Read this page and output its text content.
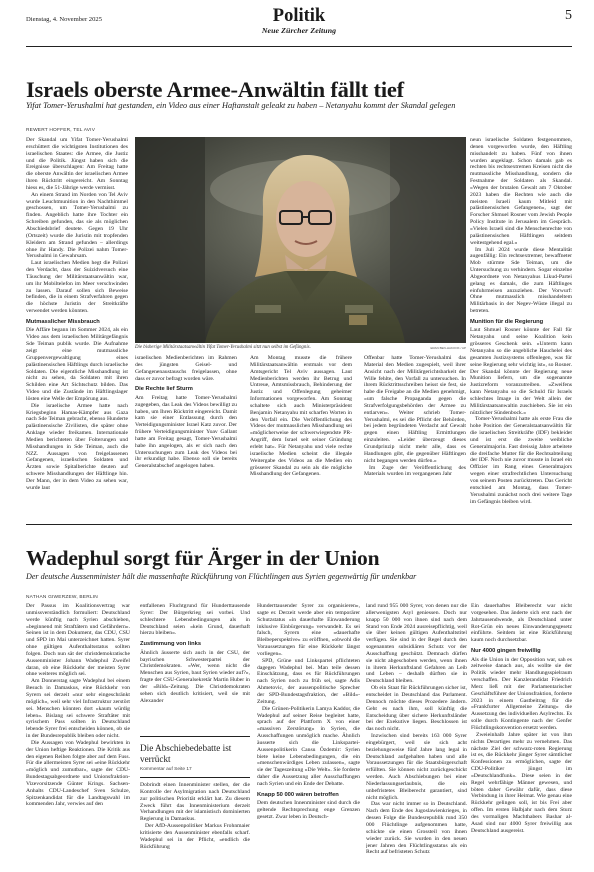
Dienstag, 4. November 2025	Politik
Neue Zürcher Zeitung
5
Israels oberste Armee-Anwältin fällt tief
Yifat Tomer-Yerushalmi hat gestanden, ein Video aus einer Haftanstalt geleakt zu haben – Netanyahu kommt der Skandal gelegen
REWERT HOFFER, TEL AVIV

Der Skandal um Yifat Tomer-Yerushalmi erschüttert die wichtigsten Institutionen des israelischen Staates: die Armee, die Justiz und die Politik. Jüngst haben sich die Ereignisse überschlagen: Am Freitag hatte die oberste Anwältin der israelischen Armee ihren Rücktritt eingereicht. Am Sonntag hiess es, die 51-Jährige werde vermisst.

An einem Strand im Norden von Tel Aviv wurde Leuchtmunition in den Nachthimmel geschossen, um Tomer-Yerushalmi zu finden. Angeblich hatte ihre Tochter ein Schreiben gefunden, das sie als möglichen Abschiedsbrief deutete. Gegen 19 Uhr (Ortszeit) wurde die Juristin mit tropfenden Kleidern am Strand gefunden – allerdings ohne ihr Handy. Die Polizei nahm Tomer-Yerushalmi in Gewahrsam.

Laut israelischen Medien hegt die Polizei den Verdacht, dass der Suizidversuch eine Täuschung der Militärstaatsanwältin war, um ihr Mobiltelefon im Meer verschwinden zu lassen. Darauf sollen sich Beweise befinden, die in einem Strafverfahren gegen die höchste Juristin der Streitkräfte verwendet werden könnten.

Mutmasslicher Missbrauch

Die Affäre begann im Sommer 2024, als ein Video aus dem israelischen Militärgefängnis Sde Teiman publik wurde. Die Aufnahme zeigt eine mutmassliche Gruppenvergewaltigung eines palästinensischen Häftlings durch israelische Soldaten. Die eigentliche Misshandlung ist nicht zu sehen, da Soldaten mit ihren Schilden eine Art Sichtschutz bilden. Das Video und die Zustände im Häftlingslager lösten eine Welle der Empörung aus.

Die israelische Armee hatte nach Kriegsbeginn Hamas-Kämpfer aus Gaza nach Sde Teiman gebracht, ebenso Hunderte palästinensische Zivilisten, die später ohne Anklage wieder freikamen. Internationale Medien berichteten über Folterungen und Misshandlungen in Sde Teiman, auch die NZZ. Aussagen von freigelassenen Gefangenen, israelischen Soldaten und Ärzten sowie Spitalberichte deuten auf schwere Misshandlungen der Häftlinge hin. Der Mann, der in dem Video zu sehen war, wurde laut

Die bisherige Militärstaatsanwältin Yifat Tomer-Yerushalmi sitzt nun selbst im Gefängnis.	ERAN BEN-HAKOOK / AP

israelischen Medienberichten im Rahmen des jüngsten Geisel- und Gefangenenaustauschs freigelassen, ohne dass er zuvor befragt worden wäre.

Die Rechte lief Sturm

Am Freitag hatte Tomer-Yerushalmi zugegeben, das Leak des Videos bewilligt zu haben, um Ihren Rücktritt eingereicht. Damit kam sie einer Entlassung durch den Verteidigungsminister Israel Katz zuvor. Der frühere Verteidigungsminister Yoav Gallant hatte am Freitag gesagt, Tomer-Yerushalmi habe ihn angelogen, als er sich nach den Untersuchungen zum Leak des Videos bei ihr erkundigt habe. Ebenso soll sie bereits Generalstabschef angelogen haben.

Am Montag musste die frühere Militärstaatsanwältin erstmals vor dem Amtsgericht Tel Aviv aussagen. Laut Medienberichten werden ihr Betrug und Untreue, Amtsmissbrauch, Behinderung der Justiz und Offenlegung geheimer Informationen vorgeworfen. Am Sonntag schaltete sich auch Ministerpräsident Benjamin Netanyahu mit scharfen Worten in den Vorfall ein. Die Veröffentlichung des Videos der mutmasslichen Misshandlung sei «möglicherweise der schwerwiegendste PR-Angriff, dem Israel seit seiner Gründung erlebt hat». Für Netanyahu und viele rechte israelische Medien scheint die illegale Weitergabe des Videos an die Medien ein grösserer Skandal zu sein als die mögliche Misshandlung der Gefangenen.

Offenbar hatte Tomer-Yerushalmi das Material den Medien zugespielt, weil ihrer Ansicht nach der Militärgerichtsbarkeit der Wille fehlte, den Vorfall zu untersuchen. In ihrem Rücktrittsschreiben heisst sie fest, sie habe die Freigabe an die Medien genehmigt, «um falsche Propaganda gegen die Strafverfolgungsbehörden der Armee zu entlarven». Weiter schrieb Tomer-Yerushalmi, es sei die Pflicht der Behörden, bei jedem begründeten Verdacht auf Gewalt gegen einen Häftling Ermittlungen einzuleiten. «Leider überzeugt dieses Grundprinzip nicht mehr alle, dass es Handlungen gibt, die gegenüber Häftlingen nicht begangen werden dürfen.»

Im Zuge der Veröffentlichung des Materials wurden im vergangenen Jahr

neun israelische Soldaten festgenommen, denen vorgeworfen wurde, den Häftling misshandelt zu haben. Fünf von ihnen wurden angeklagt. Schon damals gab es rechten bis rechtsextremen Kreisen nicht die mutmassliche Misshandlung, sondern die Festnahme der Soldaten als Skandal. «Wegen der brutalen Gewalt am 7 Oktober 2023 haben die Rechten wie auch die meisten Israeli kaum Mitleid mit palästinensischen Gefangenen», sagt der Forscher Shmuel Rosner vom Jewish People Policy Institute in Jerusalem im Gespräch. «Vielen Israeli sind die Menschenrechte von palästinensischen Häftlingen seitdem weitestgehend egal.»

Im Juli 2024 wurde diese Mentalität augenfällig: Ein rechtsextremer, bewaffneter Mob stürmte Sde Teiman, um die Untersuchung zu verhindern. Sogar einzelne Abgeordnete von Netanyahus Likud-Partei gelang es damals, die zum Häftlinges einfuhrmeisen anzuziehen. Der Vorwurf: Ohne mutmasslich misshandeltem Militärbasis in der Negev-Wüste illegal zu betreten.

Munition für die Regierung

Laut Shmuel Rosner könnte der Fall für Netanyahu und seine Koalition kein grösseres Geschenk sein. «Unterm kann Netanyahu so die angebliche Hauchelei des gesamten Justizsystems offenlegen, was für seine Regierung sehr wichtig ist», so Rosner. Der Skandal könnte der Regierung neue Munition liefern, um die sogenannte Justizreform voranzutreiben. «Zweifens kann Netanyahu so die Schuld für Israels schlechtes Image in der Welt allein der Militärstaatsanwaltin zuschieben. Sie ist ein nützlicher Sündenbock.»

Tomer-Yerushalmi hatte als erste Frau die hohe Position der Generalstaatsanwältin für die israelischen Streitkräfte (IDF) bekleidet und ist erst die zweite weibliche Generalmajorin. Fast dreissig Jahre arbeitete die dreifache Mutter für die Rechtsabteilung der IDF. Noch nie zuvor musste in Israel ein Offizier im Rang eines Generalmajors wegen einer strafrechtlichen Untersuchung von seinem Posten zurücktreten. Das Gericht entschied am Montag, dass Tomer-Yerushalmi zunächst noch drei weitere Tage im Gefängnis bleiben wird.

Wadephul sorgt für Ärger in der Union
Der deutsche Aussenminister hält die massenhafte Rückführung von Flüchtlingen aus Syrien gegenwärtig für undenkbar
NATHAN GIWERZEW, BERLIN

Der Passus im Koalitionsvertrag war unmissverständlich formuliert: Deutschland werde künftig nach Syrien abschieben, «beginnend mit Straftätern und Gefährdern». Seinen ist in dem Dokument, das CDU, CSU und SPD im Mai unterzeichnet hatten. Syrer ohne gültigen Aufenthaltsstatus sollten folgen. Doch nun sät der christdemokratische Aussenminister Johann Wadephul Zweifel daran, ob eine Rückkehr der meisten Syrer ohne weiteres möglich sei.

Am Donnerstag sagte Wadephul bei einem Besuch in Damaskus, eine Rückkehr von Syrern sei derzeit «nur sehr eingeschränkt möglich», weil sehr viel Infrastruktur zerstört sei. Menschen könnten dort «kaum würdig leben». Bislang sei schwere Straftäter mit syrischem Pass sollten in Deutschland lebende Syrer frei entscheiden können, ob sie in der Bundesrepublik bleiben oder nicht.

Die Aussagen von Wadephul bewirkten in der Union heftige Reaktionen. Die Kritik aus den eigenen Reihen folgte aber auf dem Fuss. Für die allermeisten Syrer sei «eine Rückkehr «möglich und zumutbar», sagte der CDU-Bundestagsabgeordnete und Unionsfraktion-Vizevorsitzende Günter Krings. Sachsen-Anhalts CDU-Landeschef Sven Schulze, Spitzenkandidat für die Landtagswahl im kommenden Jahr, verwies auf den

entfallenen Fluchtgrund für Hunderttausende Syrer: Der Bürgerkrieg sei vorbei. Und schlechtere Lebensbedingungen als in Deutschland seien «kein Grund, dauerhaft hierzu bleiben».

Zustimmung von links

Ähnlich äusserte sich auch in der CSU, der bayrischen Schwesterpartei der Christdemokraten. «Wer, wenn nicht die Menschen aus Syrien, baut Syrien wieder auf?», fragte der CSU-Generalsekretär Martin Huber in der «Bild»-Zeitung. Die Christdemokraten sehen sich deutlich kritisiert, weil sie mit Alexander

Die Abschiebedebatte ist verrückt
Kommentar auf Seite 17

Dobrindt einen Innenminister stellen, der die Kontrolle der Asylmigration nach Deutschland zur politischen Priorität erklärt hat. Zu diesem Zweck führt das Innenministerium derzeit Verhandlungen mit der islamistisch dominierten Regierung in Damaskus.

Der AfD-Aussenpolitiker Markus Frohnmaier kritisierte den Aussenminister ebenfalls scharf. Wadephul sei in der Pflicht, «endlich die Rückführung

Hunderttausender Syrer zu organisieren», sagte er. Derzeit werde aber ein temporärer Schutzstatus «in dauerhafte Einwanderung inklusive Einbürgerung» verwandelt. Es sei falsch, Syrern eine «dauerhafte Bleibeperspektive» zu eröffnen, «obwohl die Voraussetzungen für eine Rückkehr längst vorliegen».

SPD, Grüne und Linkspartei pflichteten dagegen Wadephul bei. Man teile dessen Einschätzung, dass es für Rückführungen nach Syrien noch zu früh sei, sagte Adis Ahmetovic, der aussenpolitische Sprecher der SPD-Bundestagsfraktion, der «Bild»-Zeitung.

Die Grünen-Politikerin Lamya Kaddor, die Wadephul auf seiner Reise begleitet hatte, sprach auf der Plattform X von einer «massiven Zerstörung» in Syrien, die Ausschaffungen unmöglich mache. Ähnlich äusserte sich die Linkspartei-Aussenpolitikerin Cansu Özdemir: Syrien biete keine Lebensbedingungen, die ein «menschenwürdiges Leben zulassen», sagte sie der Tageszeitung «Die Welt». Sie forderte daher die Aussetzung aller Ausschaffungen nach Syrien und ein Ende der Debatte.

Knapp 50 000 wären betroffen

Dem deutschen Innenminister sind durch die geltende Rechtsprechung enge Grenzen gesetzt. Zwar leben in Deutsch-

land rund 955 000 Syrer, von denen nur die allerwenigsten Asyl geniessen. Doch nur knapp 50 000 von ihnen sind nach dem Stand von Ende 2024 ausreisepflichtig, weil sie über keinen gültigen Aufenthaltstitel verfügen. Sie sind in der Regel durch den sogenannten subsidiären Schutz vor der Ausschaffung geschützt. Demnach dürfen sie nicht abgeschoben werden, wenn ihnen in ihrem Herkunftsland Gefahren an Leib und Leben – deshalb dürften sie in Deutschland bleiben.

Ob ein Staat für Rückführungen sicher ist, entscheidet in Deutschland das Parlament. Dennoch möchte dieses Prozedere ändern. Geht es nach ihm, soll künftig die Entscheidung über sichere Herkunftsländer bei der Exekutive liegen. Beschlossen ist das noch nicht.

Inzwischen sind bereits 163 000 Syrer eingebürgert, weil sie sich acht beziehungsweise fünf Jahre lang legal in Deutschland aufgehalten haben und alle Voraussetzungen für die Staatsbürgerschaft erfüllten. Sie können nicht zurückgeschickt werden. Auch Abschiebungen bei einer Niederlassungserlaubnis, die ein unbefristetes Bleiberecht garantiert, sind nicht möglich.

Das war nicht immer so in Deutschland. Nach dem Ende des Jugoslawienkrieges, in dessen Folge die Bundesrepublik rund 350 000 Flüchtlinge aufgenommen hatte, schickte sie einen Grossteil von ihnen wieder zurück. Sie wurden in den neuen jener Jahren den Flüchtlingsstatus als ein Recht auf befristeten Schutz

Ein dauerhaftes Bleiberecht war nicht vorgesehen. Das änderte sich erst nach der Jahrtausendwende, als Deutschland unter Rot-Grün ein neues Einwanderungsgesetz einführte. Seitdem ist eine Rückführung kaum noch durchsetzbar.

Nur 4000 gingen freiwillig

Als die Union in der Opposition war, sah es zeitweise danach aus, als wollte sie der Politik wieder mehr Handlungsspielraum verschaffen. Der Kanzlerandidat Friedrich Merz ließ mit der Parlamentarischer Geschäftsführer der Unionsfraktion, forderte 2023 in einem Gastbeitrag für die «Frankfurter Allgemeine Zeitung» die Aussetzung des individuellen Asylrechts. Es solle durch Kontingente nach der Genfer Flüchtlingskonvention ersetzt werden.

Zweieinhalb Jahre später ist von ihm nichts Derartiges mehr zu vernehmen. Das nächste Ziel der schwarz-roten Regierung ist es, die Rückkehr jünger Syrer sämtlicher Konfessionen zu ermöglichen, sagte der CDU-Politiker jüngst im «Deutschlandfunk». Diese seien in der Regel wehrfähige Männer gewesen, und böten daher Gewähr dafür, dass diese Verbindung in ihrer Heimat. Wie genau eine Rückkehr gelingen soll, ist bis Frei aber offen. Im ersten Halbjahr nach dem Sturz des vormaligen Machthabers Bashar al-Asad sind nur 4000 Syrer freiwillig aus Deutschland ausgereist.
